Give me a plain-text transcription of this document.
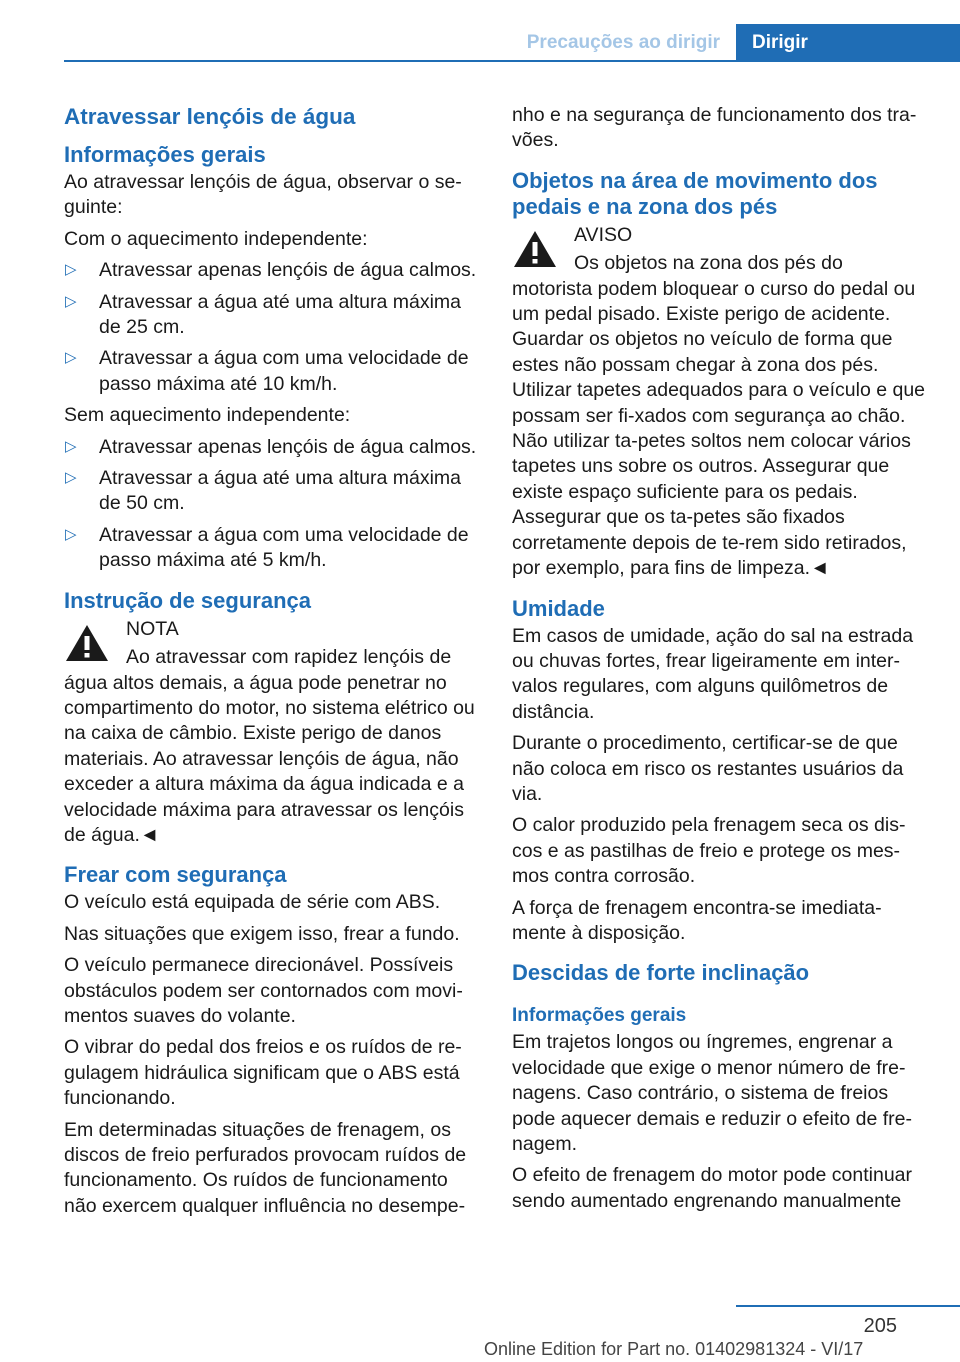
Precauções ao dirigir	Dirigir
Atravessar lençóis de água
Informações gerais

Ao atravessar lençóis de água, observar o se-guinte:

Com o aquecimento independente:

▷ Atravessar apenas lençóis de água calmos.
▷ Atravessar a água até uma altura máxima de 25 cm.
▷ Atravessar a água com uma velocidade de passo máxima até 10 km/h.

Sem aquecimento independente:

▷ Atravessar apenas lençóis de água calmos.
▷ Atravessar a água até uma altura máxima de 50 cm.
▷ Atravessar a água com uma velocidade de passo máxima até 5 km/h.
Instrução de segurança
NOTA
Ao atravessar com rapidez lençóis de água altos demais, a água pode penetrar no compartimento do motor, no sistema elétrico ou na caixa de câmbio. Existe perigo de danos materiais. Ao atravessar lençóis de água, não exceder a altura máxima da água indicada e a velocidade máxima para atravessar os lençóis de água.◄
Frear com segurança

O veículo está equipada de série com ABS.

Nas situações que exigem isso, frear a fundo.

O veículo permanece direcionável. Possíveis obstáculos podem ser contornados com movi-mentos suaves do volante.

O vibrar do pedal dos freios e os ruídos de re-gulagem hidráulica significam que o ABS está funcionando.

Em determinadas situações de frenagem, os discos de freio perfurados provocam ruídos de funcionamento. Os ruídos de funcionamento não exercem qualquer influência no desempe-

nho e na segurança de funcionamento dos tra-vões.

Objetos na área de movimento dos pedais e na zona dos pés
AVISO
Os objetos na zona dos pés do motorista podem bloquear o curso do pedal ou um pedal pisado. Existe perigo de acidente. Guardar os objetos no veículo de forma que estes não possam chegar à zona dos pés. Utilizar tapetes adequados para o veículo e que possam ser fi-xados com segurança ao chão. Não utilizar ta-petes soltos nem colocar vários tapetes uns sobre os outros. Assegurar que existe espaço suficiente para os pedais. Assegurar que os ta-petes são fixados corretamente depois de te-rem sido retirados, por exemplo, para fins de limpeza.◄
Umidade

Em casos de umidade, ação do sal na estrada ou chuvas fortes, frear ligeiramente em inter-valos regulares, com alguns quilômetros de distância.

Durante o procedimento, certificar-se de que não coloca em risco os restantes usuários da via.

O calor produzido pela frenagem seca os dis-cos e as pastilhas de freio e protege os mes-mos contra corrosão.

A força de frenagem encontra-se imediata-mente à disposição.

Descidas de forte inclinação
Informações gerais

Em trajetos longos ou íngremes, engrenar a velocidade que exige o menor número de fre-nagens. Caso contrário, o sistema de freios pode aquecer demais e reduzir o efeito de fre-nagem.

O efeito de frenagem do motor pode continuar sendo aumentado engrenando manualmente

205
Online Edition for Part no. 01402981324 - VI/17
